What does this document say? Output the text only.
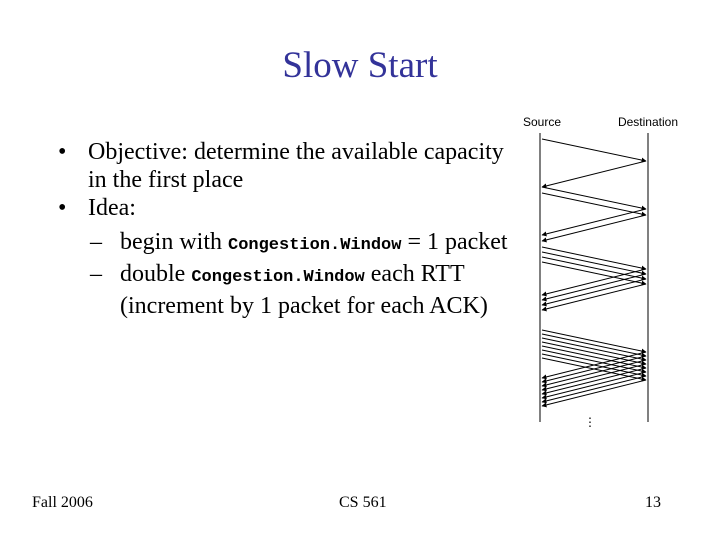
Slow Start
• Objective: determine the available capacity in the first place
• Idea:
– begin with Congestion.Window = 1 packet
– double Congestion.Window each RTT (increment by 1 packet for each ACK)
Source	Destination
⋮
Fall 2006	CS 561	13
